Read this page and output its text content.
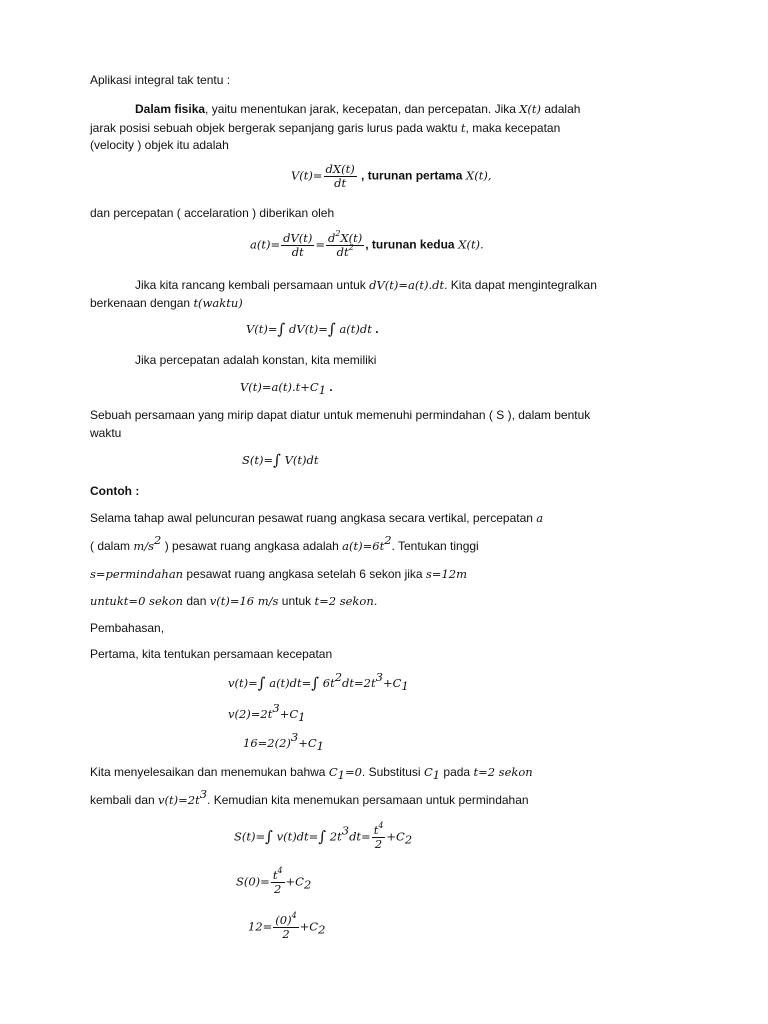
Aplikasi integral tak tentu :
Dalam fisika, yaitu menentukan jarak, kecepatan, dan percepatan. Jika X(t) adalah
jarak posisi sebuah objek bergerak sepanjang garis lurus pada waktu t, maka kecepatan
(velocity ) objek itu adalah
$V(t)= \frac{dX(t)}{dt}$ , turunan pertama X(t),
dan percepatan ( accelaration ) diberikan oleh
$a(t)= \frac{dV(t)}{dt} = \frac{d^2X(t)}{dt^2}$ , turunan kedua X(t).
Jika kita rancang kembali persamaan untuk dV(t)=a(t).dt. Kita dapat mengintegralkan
berkenaan dengan t(waktu)
V(t)=∫ dV(t)=∫ a(t)dt .
Jika percepatan adalah konstan, kita memiliki
$V(t)=a(t).t+C_1$ .
Sebuah persamaan yang mirip dapat diatur untuk memenuhi permindahan ( S ), dalam bentuk
waktu
S(t)=∫ V(t)dt
Contoh :
Selama tahap awal peluncuran pesawat ruang angkasa secara vertikal, percepatan a
( dalam $m/s^2$ ) pesawat ruang angkasa adalah $a(t)=6t^2$. Tentukan tinggi
s=permindahan pesawat ruang angkasa setelah 6 sekon jika s=12m
untukt=0 sekon dan v(t)=16 m/s untuk t=2 sekon.
Pembahasan,
Pertama, kita tentukan persamaan kecepatan
v(t)=∫ a(t)dt=∫ $6t^2dt=2t^3+C_1$
$v(2)=2t^3+C_1$
$16=2(2)^3+C_1$
Kita menyelesaikan dan menemukan bahwa $C_1=0$. Substitusi $C_1$ pada t=2 sekon
kembali dan $v(t)=2t^3$. Kemudian kita menemukan persamaan untuk permindahan
S(t)=∫ v(t)dt=∫ $2t^3dt= \frac{t^4}{2} +C_2$
$S(0)= \frac{t^4}{2} +C_2$
$12= \frac{(0)^4}{2} +C_2$
